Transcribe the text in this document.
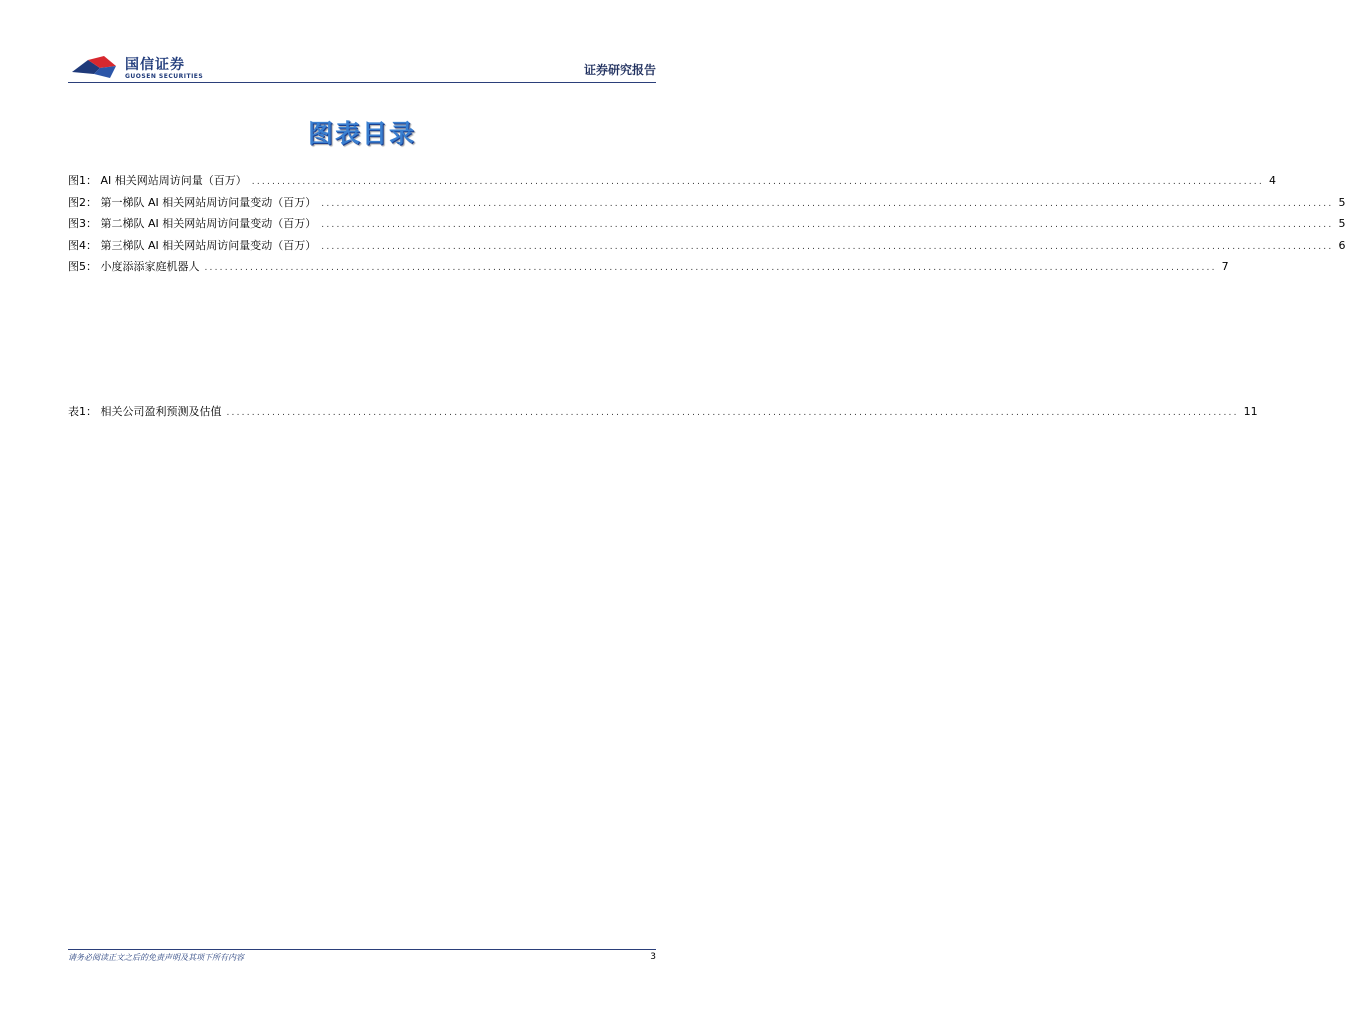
国信证券
GUOSEN SECURITIES	证券研究报告
图表目录
图1： AI 相关网站周访问量（百万） ........................................................................................................................................................................................................ 4
图2： 第一梯队 AI 相关网站周访问量变动（百万） ........................................................................................................................................................................................................ 5
图3： 第二梯队 AI 相关网站周访问量变动（百万） ........................................................................................................................................................................................................ 5
图4： 第三梯队 AI 相关网站周访问量变动（百万） ........................................................................................................................................................................................................ 6
图5： 小度添添家庭机器人 ........................................................................................................................................................................................................ 7
表1： 相关公司盈利预测及估值 ........................................................................................................................................................................................................ 11
请务必阅读正文之后的免责声明及其项下所有内容	3
